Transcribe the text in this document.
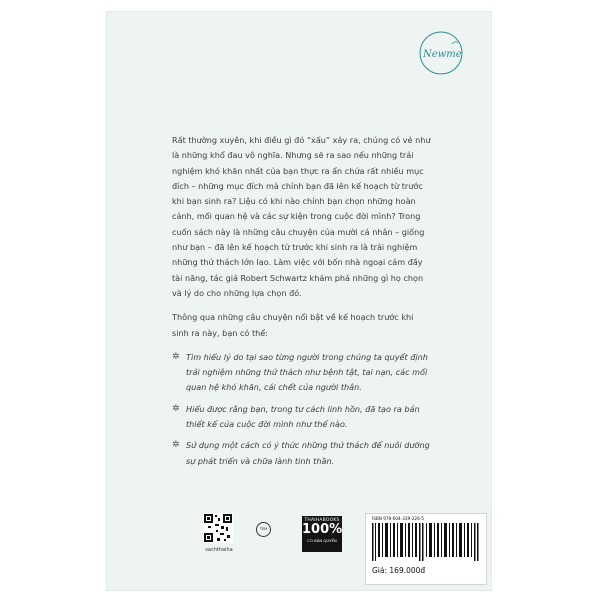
Newme

Rất thường xuyên, khi điều gì đó “xấu” xảy ra, chúng có vẻ như là những khổ đau vô nghĩa. Nhưng sẽ ra sao nếu những trải nghiệm khó khăn nhất của bạn thực ra ẩn chứa rất nhiều mục đích – những mục đích mà chính bạn đã lên kế hoạch từ trước khi bạn sinh ra? Liệu có khi nào chính bạn chọn những hoàn cảnh, mối quan hệ và các sự kiện trong cuộc đời mình? Trong cuốn sách này là những câu chuyện của mười cá nhân – giống như bạn – đã lên kế hoạch từ trước khi sinh ra là trải nghiệm những thử thách lớn lao. Làm việc với bốn nhà ngoại cảm đầy tài năng, tác giả Robert Schwartz khám phá những gì họ chọn và lý do cho những lựa chọn đó.

Thông qua những câu chuyện nổi bật về kế hoạch trước khi sinh ra này, bạn có thể:

✲ Tìm hiểu lý do tại sao từng người trong chúng ta quyết định trải nghiệm những thử thách như bệnh tật, tai nạn, các mối quan hệ khó khăn, cái chết của người thân.
✲ Hiểu được rằng bạn, trong tư cách linh hồn, đã tạo ra bản thiết kế của cuộc đời mình như thế nào.
✲ Sử dụng một cách có ý thức những thử thách để nuôi dưỡng sự phát triển và chữa lành tinh thần.
sachthaiha
TEM
THAIHABOOKS
100%
CÓ BẢN QUYỀN
ISBN 978-604-339-226-5
Giá: 169.000đ
